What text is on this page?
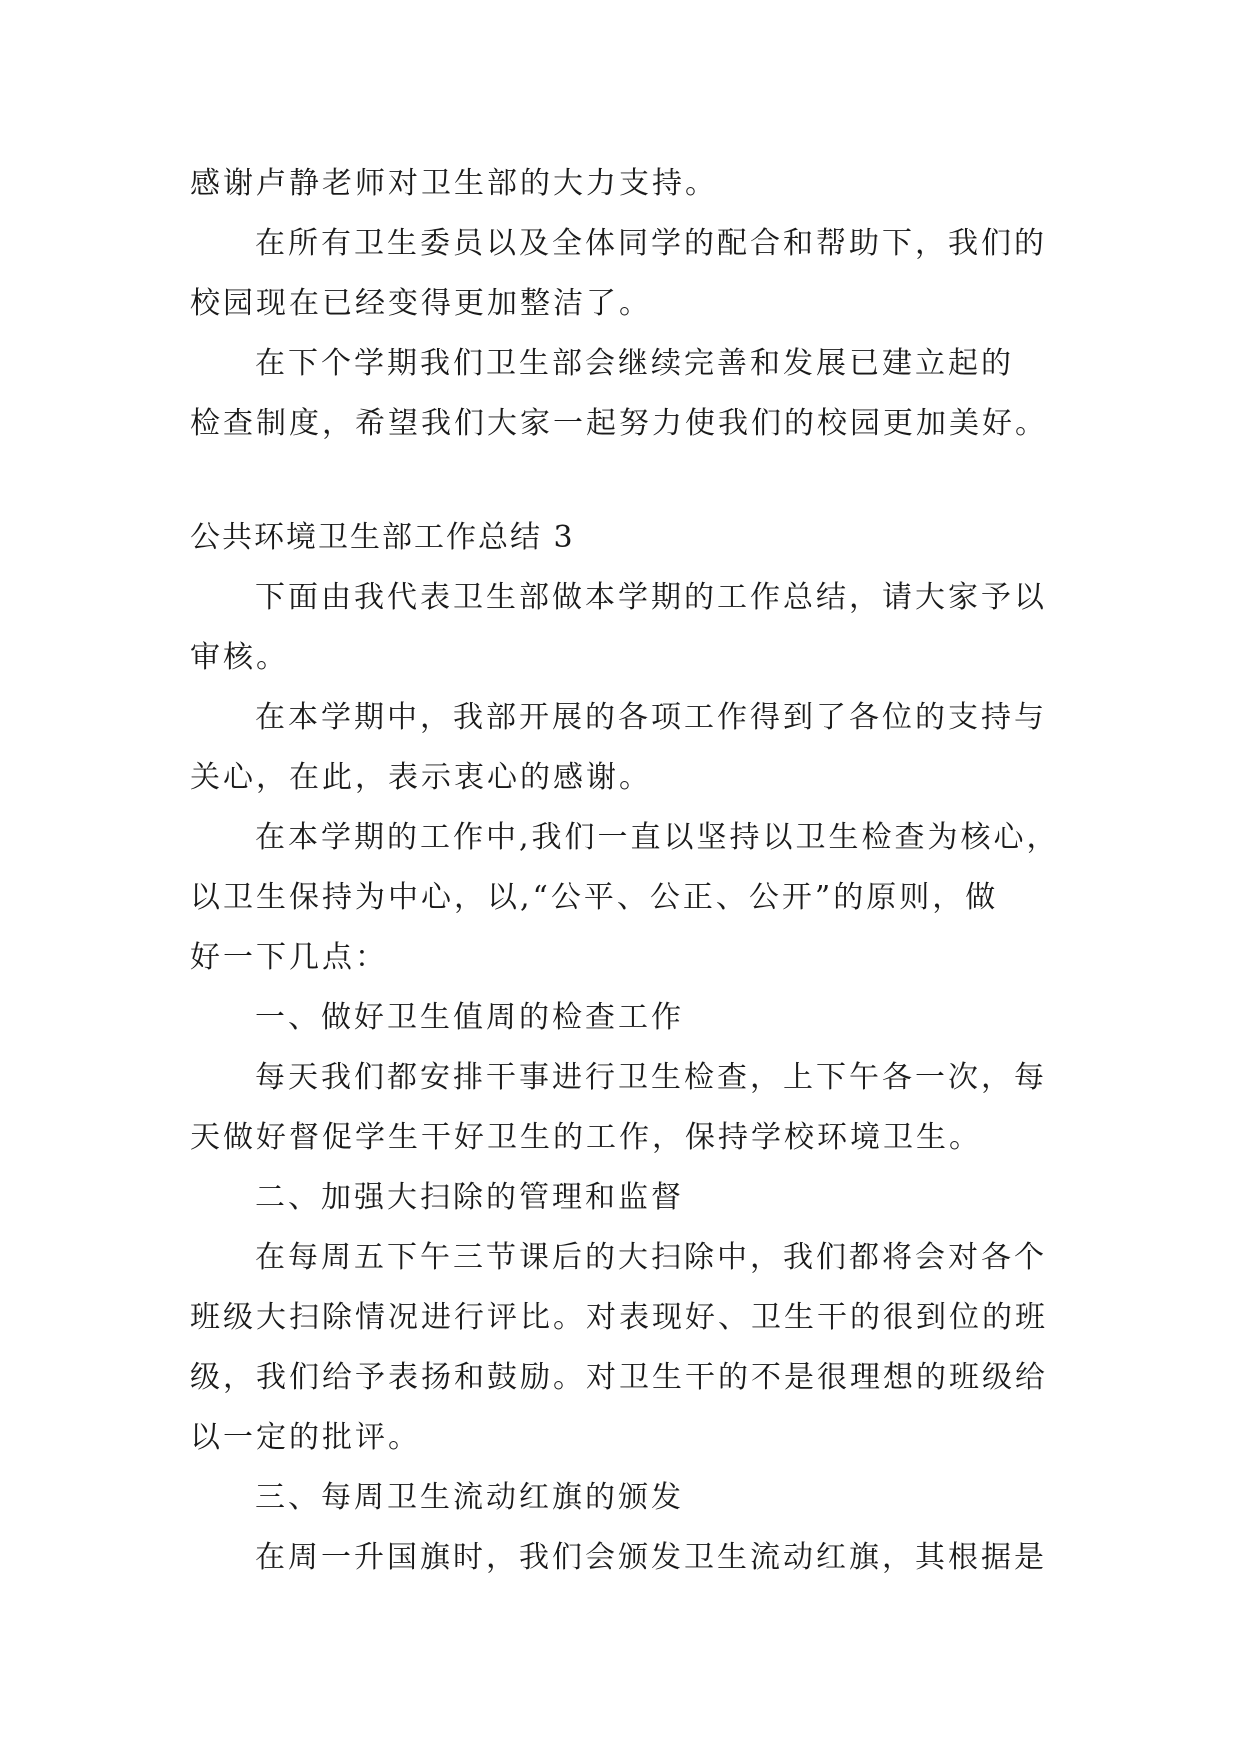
感谢卢静老师对卫生部的大力支持。
在所有卫生委员以及全体同学的配合和帮助下，我们的
校园现在已经变得更加整洁了。
在下个学期我们卫生部会继续完善和发展已建立起的
检查制度，希望我们大家一起努力使我们的校园更加美好。
公共环境卫生部工作总结 3
下面由我代表卫生部做本学期的工作总结，请大家予以
审核。
在本学期中，我部开展的各项工作得到了各位的支持与
关心，在此，表示衷心的感谢。
在本学期的工作中,我们一直以坚持以卫生检查为核心，
以卫生保持为中心，以,“公平、公正、公开”的原则，做
好一下几点：
一、做好卫生值周的检查工作
每天我们都安排干事进行卫生检查，上下午各一次，每
天做好督促学生干好卫生的工作，保持学校环境卫生。
二、加强大扫除的管理和监督
在每周五下午三节课后的大扫除中，我们都将会对各个
班级大扫除情况进行评比。对表现好、卫生干的很到位的班
级，我们给予表扬和鼓励。对卫生干的不是很理想的班级给
以一定的批评。
三、每周卫生流动红旗的颁发
在周一升国旗时，我们会颁发卫生流动红旗，其根据是
